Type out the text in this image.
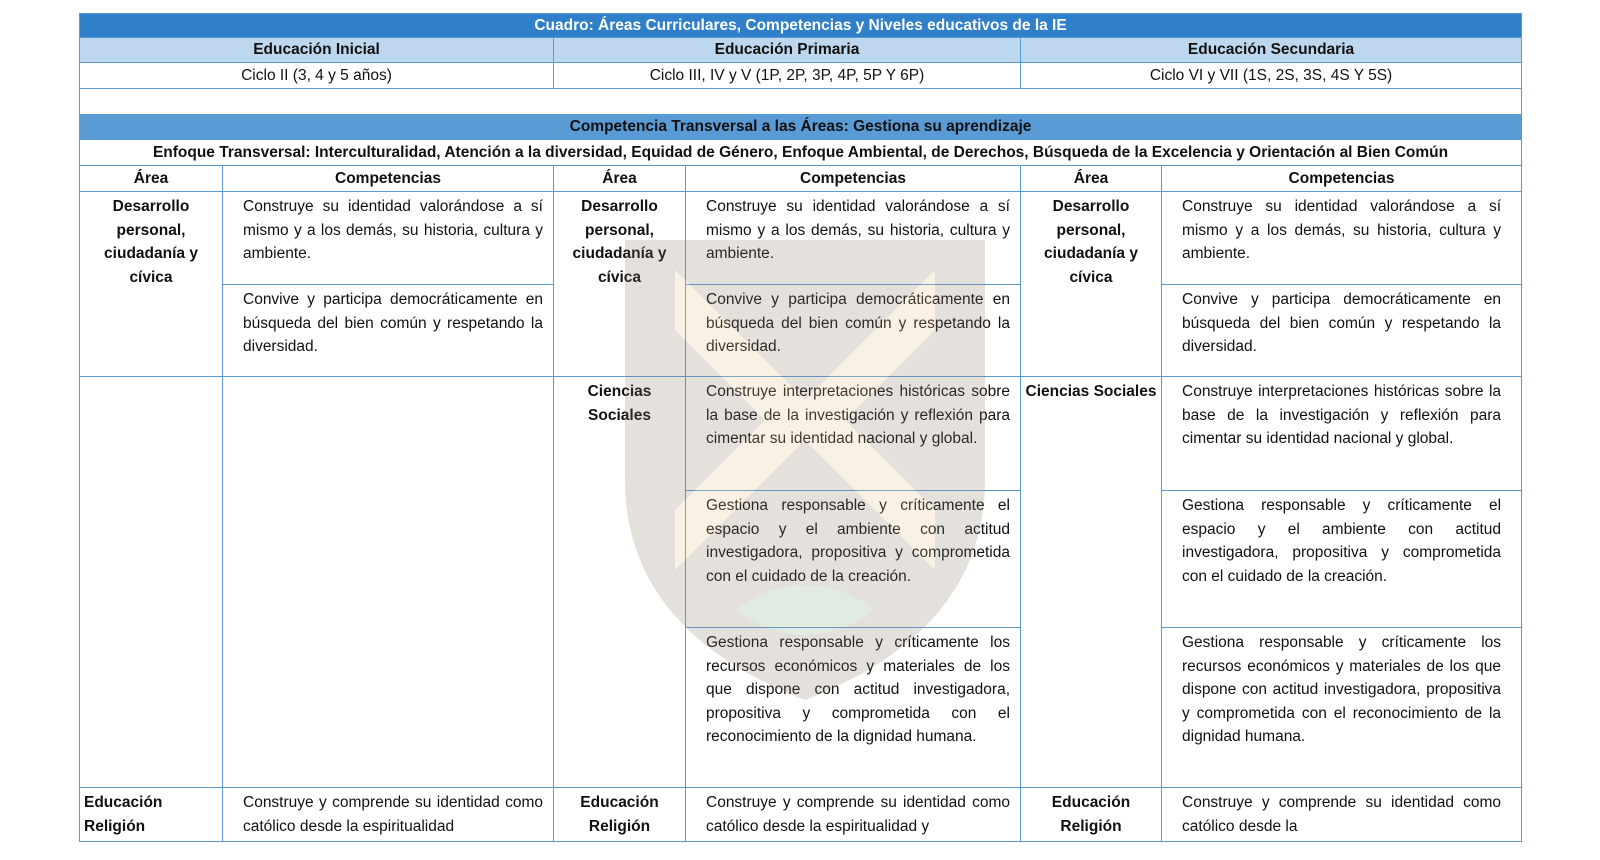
Cuadro: Áreas Curriculares, Competencias y Niveles educativos de la IE					
Educación Inicial		Educación Primaria		Educación Secundaria	
Ciclo II (3, 4 y 5 años)		Ciclo III, IV y V (1P, 2P, 3P, 4P, 5P Y 6P)		Ciclo VI y VII (1S, 2S, 3S, 4S Y 5S)	

Competencia Transversal a las Áreas: Gestiona su aprendizaje					
Enfoque Transversal: Interculturalidad, Atención a la diversidad, Equidad de Género, Enfoque Ambiental, de Derechos, Búsqueda de la Excelencia y Orientación al Bien Común					
Área	Competencias	Área	Competencias	Área	Competencias
Desarrollo personal, ciudadanía y cívica	Construye su identidad valorándose a sí mismo y a los demás, su historia, cultura y ambiente.	Desarrollo personal, ciudadanía y cívica	Construye su identidad valorándose a sí mismo y a los demás, su historia, cultura y ambiente.	Desarrollo personal, ciudadanía y cívica	Construye su identidad valorándose a sí mismo y a los demás, su historia, cultura y ambiente.
	Convive y participa democráticamente en búsqueda del bien común y respetando la diversidad.		Convive y participa democráticamente en búsqueda del bien común y respetando la diversidad.		Convive y participa democráticamente en búsqueda del bien común y respetando la diversidad.
		Ciencias Sociales	Construye interpretaciones históricas sobre la base de la investigación y reflexión para cimentar su identidad nacional y global.	Ciencias Sociales	Construye interpretaciones históricas sobre la base de la investigación y reflexión para cimentar su identidad nacional y global.
			Gestiona responsable y críticamente el espacio y el ambiente con actitud investigadora, propositiva y comprometida con el cuidado de la creación.		Gestiona responsable y críticamente el espacio y el ambiente con actitud investigadora, propositiva y comprometida con el cuidado de la creación.
			Gestiona responsable y críticamente los recursos económicos y materiales de los que dispone con actitud investigadora, propositiva y comprometida con el reconocimiento de la dignidad humana.		Gestiona responsable y críticamente los recursos económicos y materiales de los que dispone con actitud investigadora, propositiva y comprometida con el reconocimiento de la dignidad humana.
Educación Religión	Construye y comprende su identidad como católico desde la espiritualidad	Educación Religión	Construye y comprende su identidad como católico desde la espiritualidad y	Educación Religión	Construye y comprende su identidad como católico desde la
